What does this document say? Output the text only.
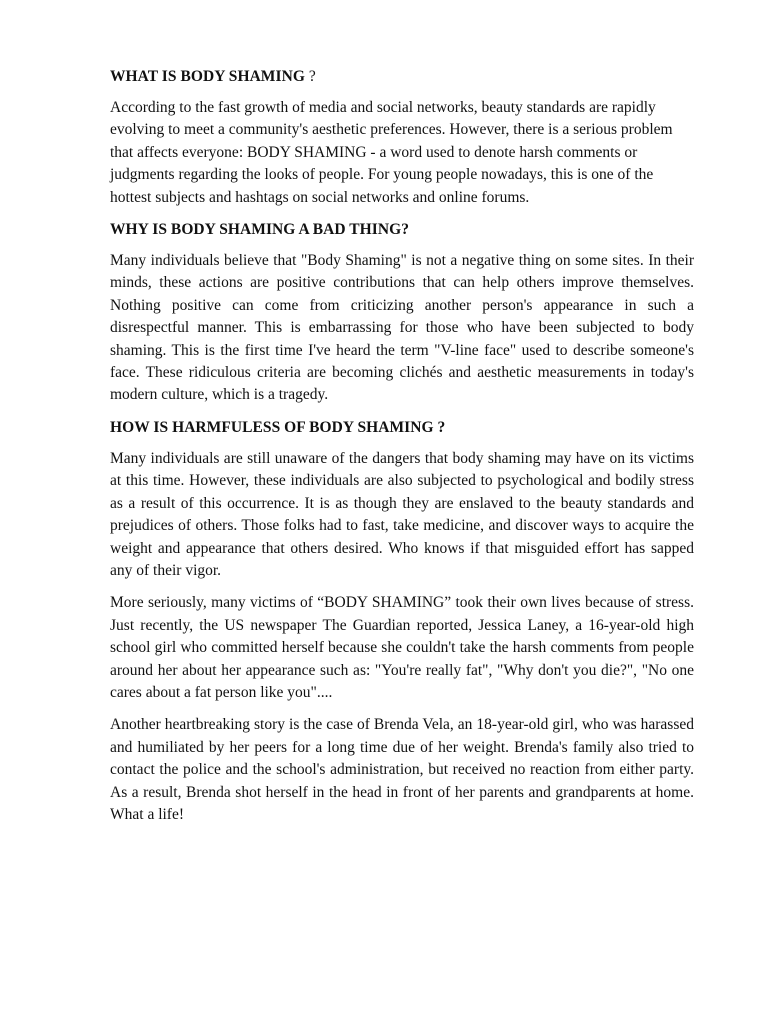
WHAT IS BODY SHAMING ?

According to the fast growth of media and social networks, beauty standards are rapidly evolving to meet a community's aesthetic preferences. However, there is a serious problem that affects everyone: BODY SHAMING - a word used to denote harsh comments or judgments regarding the looks of people. For young people nowadays, this is one of the hottest subjects and hashtags on social networks and online forums.

WHY IS BODY SHAMING A BAD THING?

Many individuals believe that "Body Shaming" is not a negative thing on some sites. In their minds, these actions are positive contributions that can help others improve themselves. Nothing positive can come from criticizing another person's appearance in such a disrespectful manner. This is embarrassing for those who have been subjected to body shaming. This is the first time I've heard the term "V-line face" used to describe someone's face. These ridiculous criteria are becoming clichés and aesthetic measurements in today's modern culture, which is a tragedy.

HOW IS HARMFULESS OF BODY SHAMING ?

Many individuals are still unaware of the dangers that body shaming may have on its victims at this time. However, these individuals are also subjected to psychological and bodily stress as a result of this occurrence. It is as though they are enslaved to the beauty standards and prejudices of others. Those folks had to fast, take medicine, and discover ways to acquire the weight and appearance that others desired. Who knows if that misguided effort has sapped any of their vigor.

More seriously, many victims of “BODY SHAMING” took their own lives because of stress. Just recently, the US newspaper The Guardian reported, Jessica Laney, a 16-year-old high school girl who committed herself because she couldn't take the harsh comments from people around her about her appearance such as: "You're really fat", "Why don't you die?", "No one cares about a fat person like you"....

Another heartbreaking story is the case of Brenda Vela, an 18-year-old girl, who was harassed and humiliated by her peers for a long time due of her weight. Brenda's family also tried to contact the police and the school's administration, but received no reaction from either party. As a result, Brenda shot herself in the head in front of her parents and grandparents at home. What a life!
